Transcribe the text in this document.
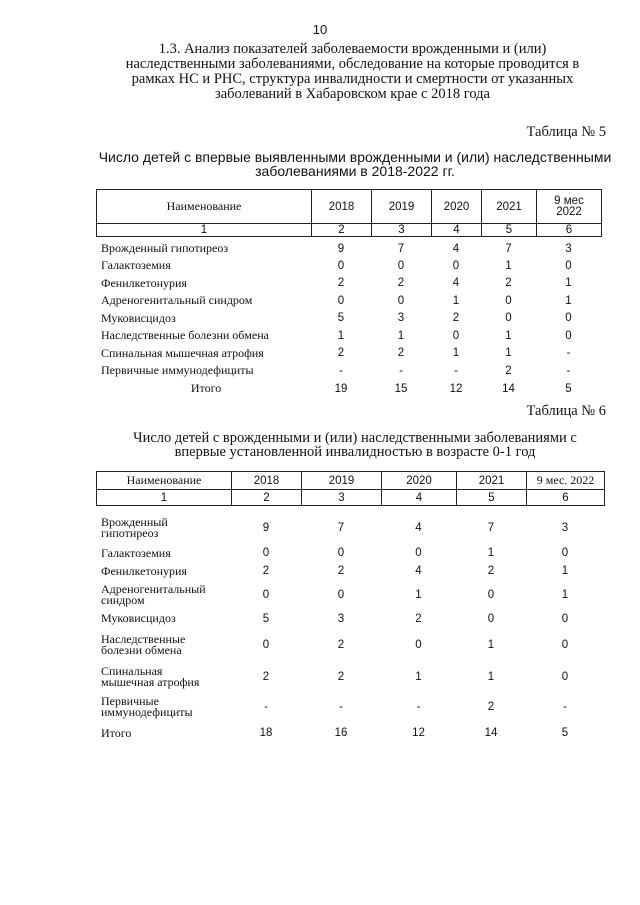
10
1.3. Анализ показателей заболеваемости врожденными и (или)
наследственными заболеваниями, обследование на которые проводится в
рамках НС и РНС, структура инвалидности и смертности от указанных
заболеваний в Хабаровском крае с 2018 года
Таблица № 5
Число детей с впервые выявленными врожденными и (или) наследственными
заболеваниями в 2018-2022 гг.
Наименование	2018	2019	2020	2021	9 мес 2022
1	2	3	4	5	6
Врожденный гипотиреоз	9	7	4	7	3
Галактоземия	0	0	0	1	0
Фенилкетонурия	2	2	4	2	1
Адреногенитальный синдром	0	0	1	0	1
Муковисцидоз	5	3	2	0	0
Наследственные болезни обмена	1	1	0	1	0
Спинальная мышечная атрофия	2	2	1	1	-
Первичные иммунодефициты	-	-	-	2	-
Итого	19	15	12	14	5
Таблица № 6
Число детей с врожденными и (или) наследственными заболеваниями с
впервые установленной инвалидностью в возрасте 0-1 год
Наименование	2018	2019	2020	2021	9 мес. 2022
1	2	3	4	5	6
Врожденный гипотиреоз	9	7	4	7	3
Галактоземия	0	0	0	1	0
Фенилкетонурия	2	2	4	2	1
Адреногенитальный синдром	0	0	1	0	1
Муковисцидоз	5	3	2	0	0
Наследственные болезни обмена	0	2	0	1	0
Спинальная мышечная атрофия	2	2	1	1	0
Первичные иммунодефициты	-	-	-	2	-
Итого	18	16	12	14	5
